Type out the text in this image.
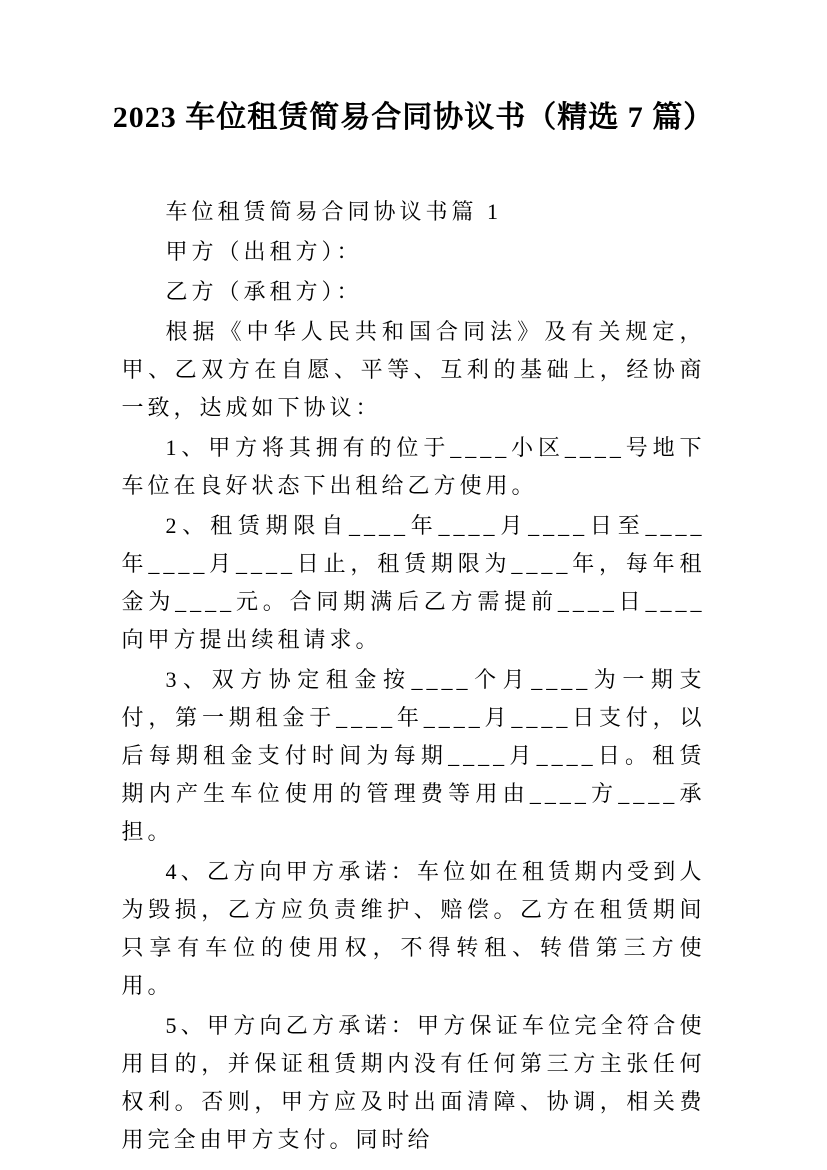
2023 车位租赁简易合同协议书（精选 7 篇）

车位租赁简易合同协议书篇 1

甲方（出租方）：

乙方（承租方）：

根据《中华人民共和国合同法》及有关规定，甲、乙双方在自愿、平等、互利的基础上，经协商一致，达成如下协议：

1、甲方将其拥有的位于____小区____号地下车位在良好状态下出租给乙方使用。

2、租赁期限自____年____月____日至____年____月____日止，租赁期限为____年，每年租金为____元。合同期满后乙方需提前____日____向甲方提出续租请求。

3、双方协定租金按____个月____为一期支付，第一期租金于____年____月____日支付，以后每期租金支付时间为每期____月____日。租赁期内产生车位使用的管理费等用由____方____承担。

4、乙方向甲方承诺：车位如在租赁期内受到人为毁损，乙方应负责维护、赔偿。乙方在租赁期间只享有车位的使用权，不得转租、转借第三方使用。

5、甲方向乙方承诺：甲方保证车位完全符合使用目的，并保证租赁期内没有任何第三方主张任何权利。否则，甲方应及时出面清障、协调，相关费用完全由甲方支付。同时给
